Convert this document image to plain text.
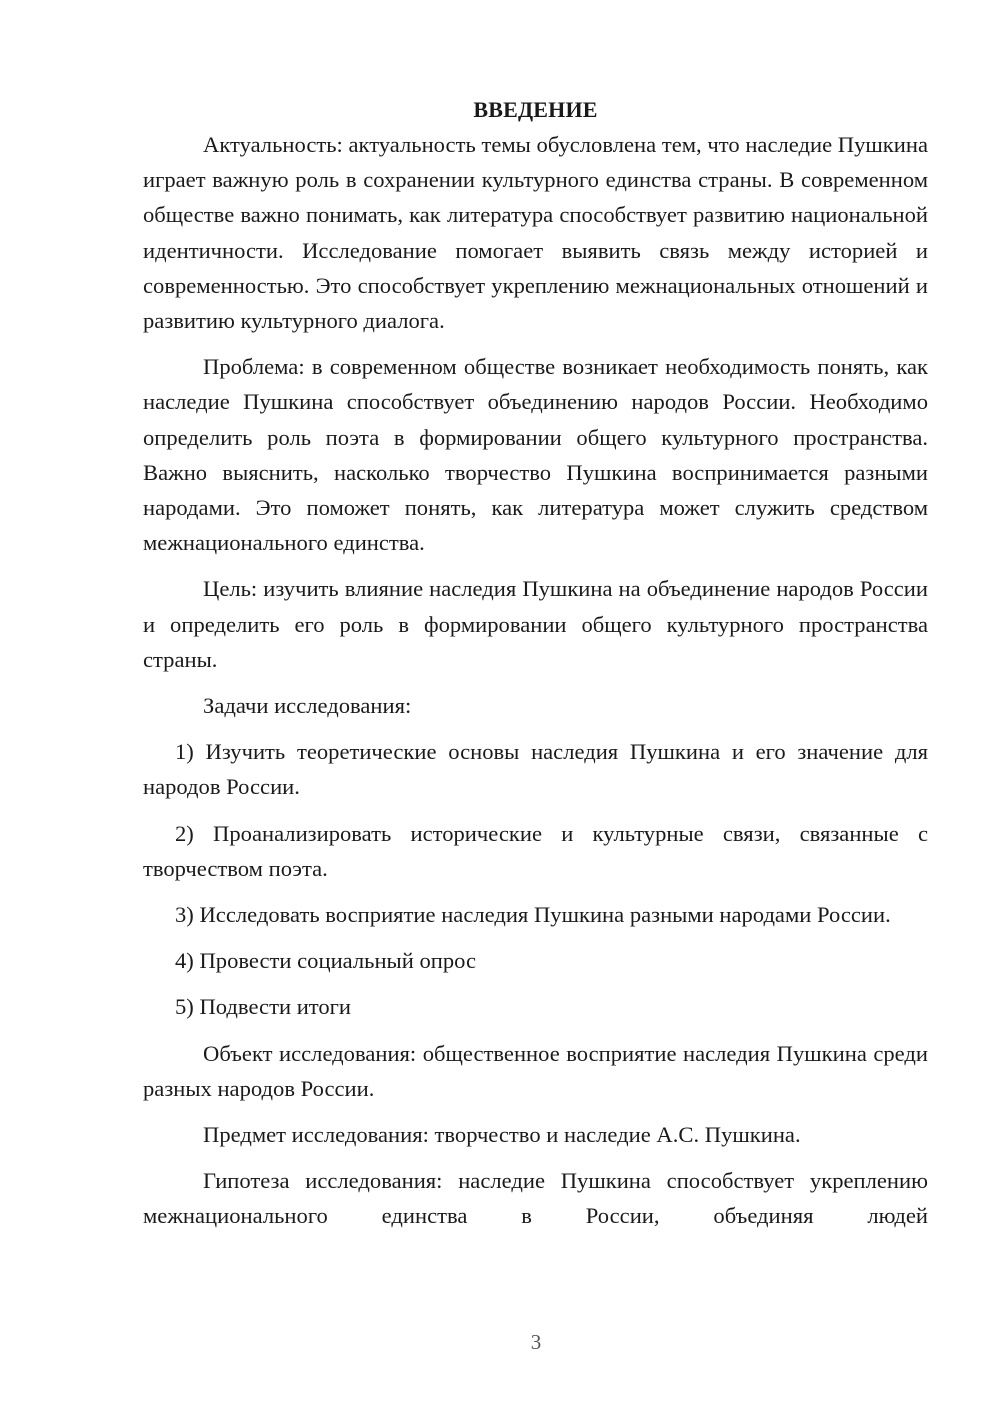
ВВЕДЕНИЕ

Актуальность: актуальность темы обусловлена тем, что наследие Пушкина играет важную роль в сохранении культурного единства страны. В современном обществе важно понимать, как литература способствует развитию национальной идентичности. Исследование помогает выявить связь между историей и современностью. Это способствует укреплению межнациональных отношений и развитию культурного диалога.

Проблема: в современном обществе возникает необходимость понять, как наследие Пушкина способствует объединению народов России. Необходимо определить роль поэта в формировании общего культурного пространства. Важно выяснить, насколько творчество Пушкина воспринимается разными народами. Это поможет понять, как литература может служить средством межнационального единства.

Цель: изучить влияние наследия Пушкина на объединение народов России и определить его роль в формировании общего культурного пространства страны.

Задачи исследования:

1) Изучить теоретические основы наследия Пушкина и его значение для народов России.

2) Проанализировать исторические и культурные связи, связанные с творчеством поэта.

3) Исследовать восприятие наследия Пушкина разными народами России.

4) Провести социальный опрос

5) Подвести итоги

Объект исследования: общественное восприятие наследия Пушкина среди разных народов России.

Предмет исследования: творчество и наследие А.С. Пушкина.

Гипотеза исследования: наследие Пушкина способствует укреплению межнационального единства в России, объединяя людей

3
